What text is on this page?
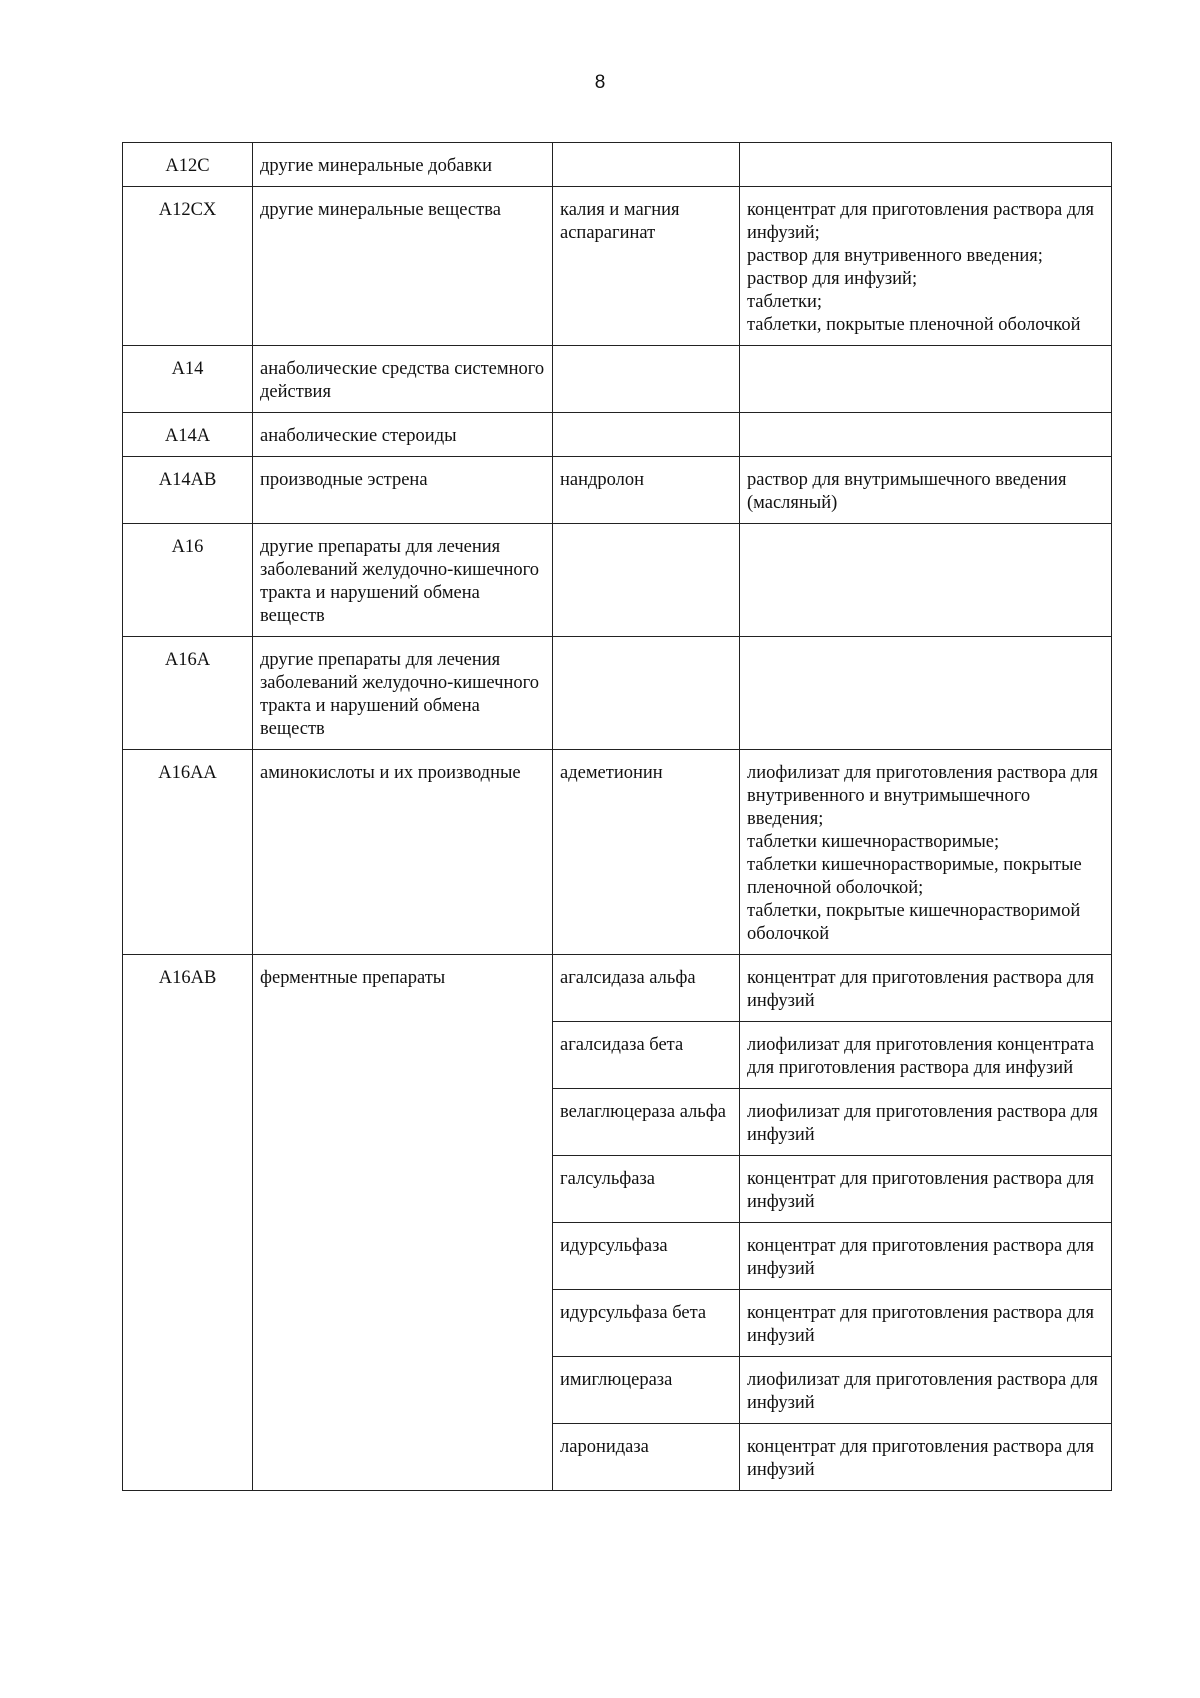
8
A12C	другие минеральные добавки		
A12CX	другие минеральные вещества	калия и магния аспарагинат	концентрат для приготовления раствора для инфузий;
раствор для внутривенного введения;
раствор для инфузий;
таблетки;
таблетки, покрытые пленочной оболочкой

A14	анаболические средства системного действия		
A14A	анаболические стероиды		
A14AB	производные эстрена	нандролон	раствор для внутримышечного введения (масляный)

A16	другие препараты для лечения заболеваний желудочно-кишечного тракта и нарушений обмена веществ		
A16A	другие препараты для лечения заболеваний желудочно-кишечного тракта и нарушений обмена веществ		
A16AA	аминокислоты и их производные	адеметионин	лиофилизат для приготовления раствора для внутривенного и внутримышечного введения;
таблетки кишечнорастворимые;
таблетки кишечнорастворимые, покрытые пленочной оболочкой;
таблетки, покрытые кишечнорастворимой оболочкой

A16AB	ферментные препараты	агалсидаза альфа	концентрат для приготовления раствора для инфузий

		агалсидаза бета	лиофилизат для приготовления концентрата для приготовления раствора для инфузий

		велаглюцераза альфа	лиофилизат для приготовления раствора для инфузий

		галсульфаза	концентрат для приготовления раствора для инфузий

		идурсульфаза	концентрат для приготовления раствора для инфузий

		идурсульфаза бета	концентрат для приготовления раствора для инфузий

		имиглюцераза	лиофилизат для приготовления раствора для инфузий

		ларонидаза	концентрат для приготовления раствора для инфузий
